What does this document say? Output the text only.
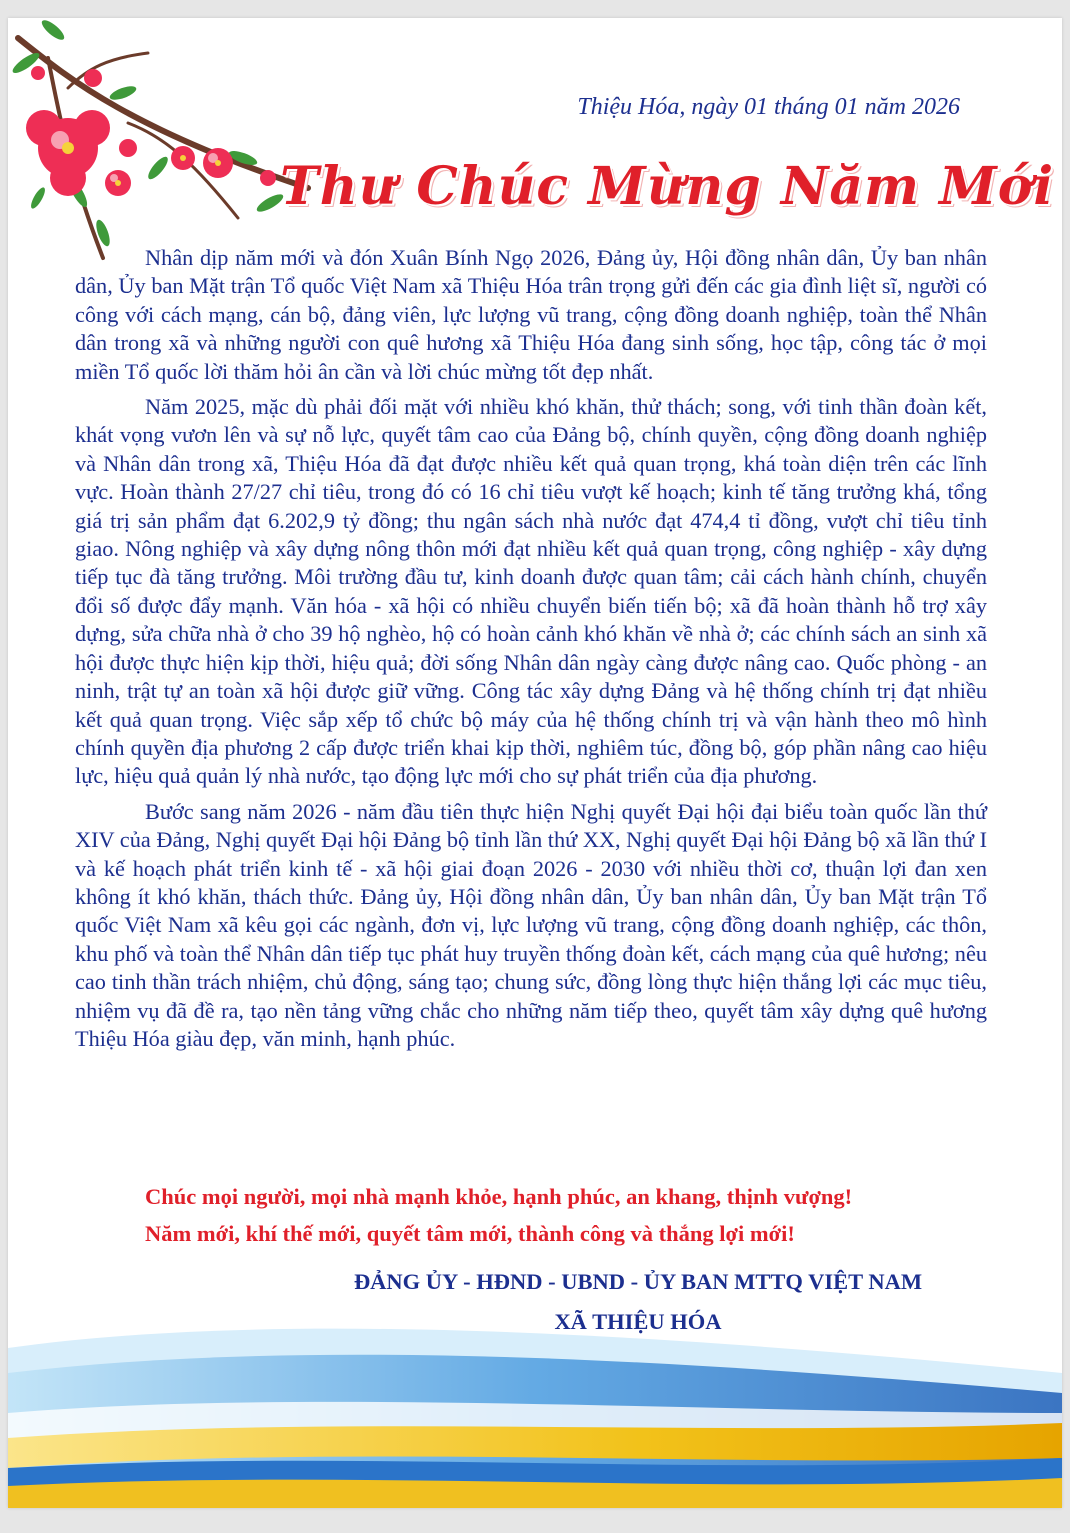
Thiệu Hóa, ngày 01 tháng 01 năm 2026
Thư Chúc Mừng Năm Mới

Nhân dịp năm mới và đón Xuân Bính Ngọ 2026, Đảng ủy, Hội đồng nhân dân, Ủy ban nhân dân, Ủy ban Mặt trận Tổ quốc Việt Nam xã Thiệu Hóa trân trọng gửi đến các gia đình liệt sĩ, người có công với cách mạng, cán bộ, đảng viên, lực lượng vũ trang, cộng đồng doanh nghiệp, toàn thể Nhân dân trong xã và những người con quê hương xã Thiệu Hóa đang sinh sống, học tập, công tác ở mọi miền Tổ quốc lời thăm hỏi ân cần và lời chúc mừng tốt đẹp nhất.

Năm 2025, mặc dù phải đối mặt với nhiều khó khăn, thử thách; song, với tinh thần đoàn kết, khát vọng vươn lên và sự nỗ lực, quyết tâm cao của Đảng bộ, chính quyền, cộng đồng doanh nghiệp và Nhân dân trong xã, Thiệu Hóa đã đạt được nhiều kết quả quan trọng, khá toàn diện trên các lĩnh vực. Hoàn thành 27/27 chỉ tiêu, trong đó có 16 chỉ tiêu vượt kế hoạch; kinh tế tăng trưởng khá, tổng giá trị sản phẩm đạt 6.202,9 tỷ đồng; thu ngân sách nhà nước đạt 474,4 tỉ đồng, vượt chỉ tiêu tỉnh giao. Nông nghiệp và xây dựng nông thôn mới đạt nhiều kết quả quan trọng, công nghiệp - xây dựng tiếp tục đà tăng trưởng. Môi trường đầu tư, kinh doanh được quan tâm; cải cách hành chính, chuyển đổi số được đẩy mạnh. Văn hóa - xã hội có nhiều chuyển biến tiến bộ; xã đã hoàn thành hỗ trợ xây dựng, sửa chữa nhà ở cho 39 hộ nghèo, hộ có hoàn cảnh khó khăn về nhà ở; các chính sách an sinh xã hội được thực hiện kịp thời, hiệu quả; đời sống Nhân dân ngày càng được nâng cao. Quốc phòng - an ninh, trật tự an toàn xã hội được giữ vững. Công tác xây dựng Đảng và hệ thống chính trị đạt nhiều kết quả quan trọng. Việc sắp xếp tổ chức bộ máy của hệ thống chính trị và vận hành theo mô hình chính quyền địa phương 2 cấp được triển khai kịp thời, nghiêm túc, đồng bộ, góp phần nâng cao hiệu lực, hiệu quả quản lý nhà nước, tạo động lực mới cho sự phát triển của địa phương.

Bước sang năm 2026 - năm đầu tiên thực hiện Nghị quyết Đại hội đại biểu toàn quốc lần thứ XIV của Đảng, Nghị quyết Đại hội Đảng bộ tỉnh lần thứ XX, Nghị quyết Đại hội Đảng bộ xã lần thứ I và kế hoạch phát triển kinh tế - xã hội giai đoạn 2026 - 2030 với nhiều thời cơ, thuận lợi đan xen không ít khó khăn, thách thức. Đảng ủy, Hội đồng nhân dân, Ủy ban nhân dân, Ủy ban Mặt trận Tổ quốc Việt Nam xã kêu gọi các ngành, đơn vị, lực lượng vũ trang, cộng đồng doanh nghiệp, các thôn, khu phố và toàn thể Nhân dân tiếp tục phát huy truyền thống đoàn kết, cách mạng của quê hương; nêu cao tinh thần trách nhiệm, chủ động, sáng tạo; chung sức, đồng lòng thực hiện thắng lợi các mục tiêu, nhiệm vụ đã đề ra, tạo nền tảng vững chắc cho những năm tiếp theo, quyết tâm xây dựng quê hương Thiệu Hóa giàu đẹp, văn minh, hạnh phúc.

Chúc mọi người, mọi nhà mạnh khỏe, hạnh phúc, an khang, thịnh vượng!
Năm mới, khí thế mới, quyết tâm mới, thành công và thắng lợi mới!
ĐẢNG ỦY - HĐND - UBND - ỦY BAN MTTQ VIỆT NAM
XÃ THIỆU HÓA
